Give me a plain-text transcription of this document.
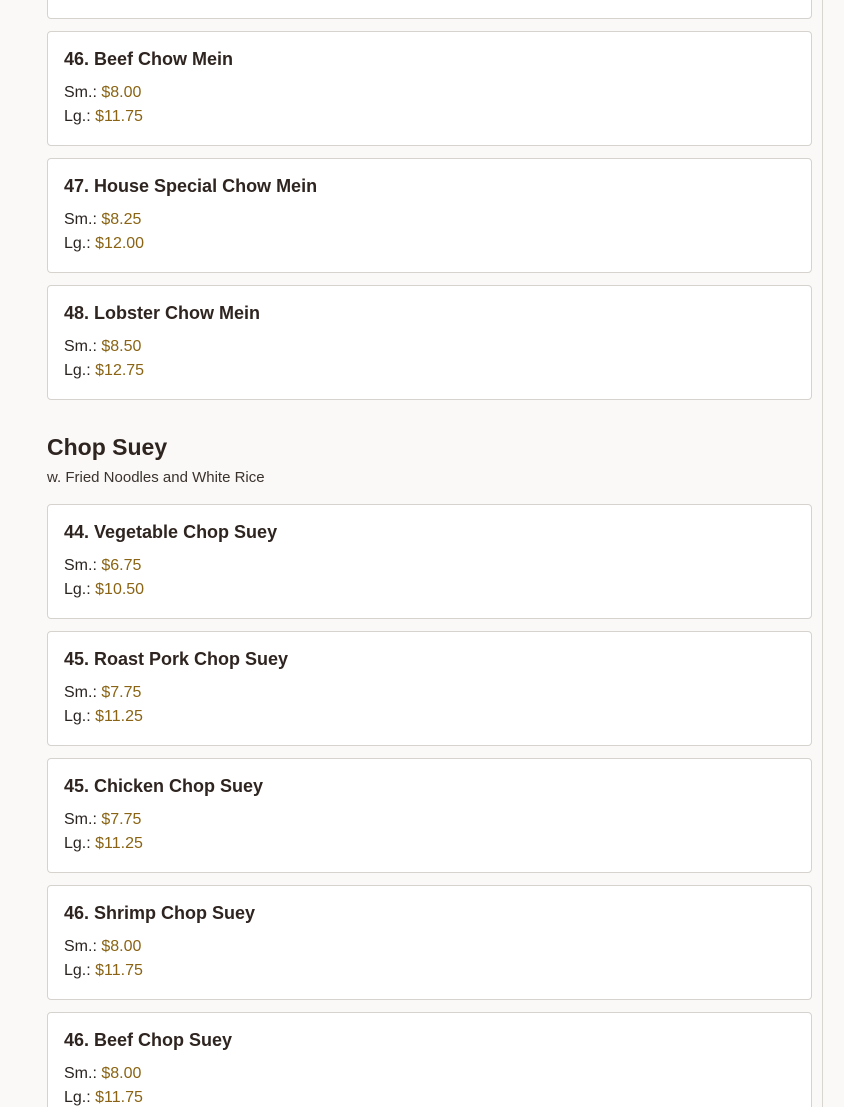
46. Beef Chow Mein
Sm.: $8.00
Lg.: $11.75
47. House Special Chow Mein
Sm.: $8.25
Lg.: $12.00
48. Lobster Chow Mein
Sm.: $8.50
Lg.: $12.75
Chop Suey
w. Fried Noodles and White Rice
44. Vegetable Chop Suey
Sm.: $6.75
Lg.: $10.50
45. Roast Pork Chop Suey
Sm.: $7.75
Lg.: $11.25
45. Chicken Chop Suey
Sm.: $7.75
Lg.: $11.25
46. Shrimp Chop Suey
Sm.: $8.00
Lg.: $11.75
46. Beef Chop Suey
Sm.: $8.00
Lg.: $11.75
